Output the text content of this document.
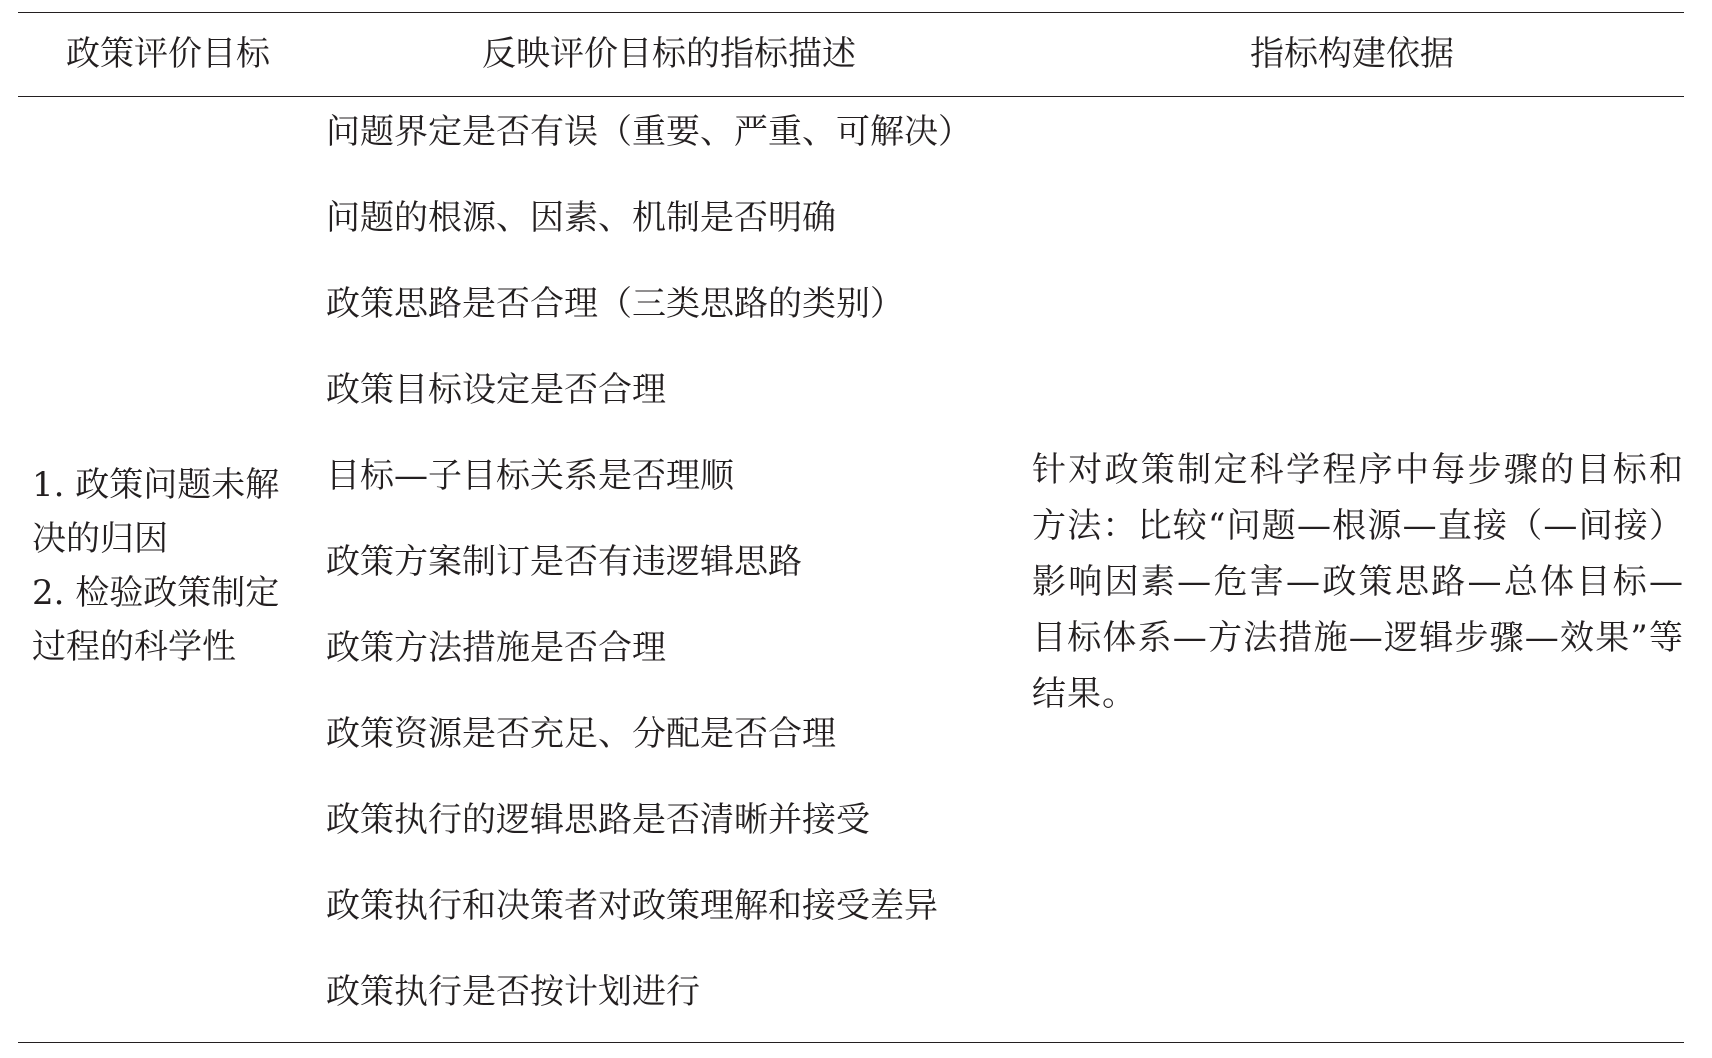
政策评价目标	反映评价目标的指标描述	指标构建依据
1. 政策问题未解
决的归因
2. 检验政策制定
过程的科学性
问题界定是否有误（重要、严重、可解决）
问题的根源、因素、机制是否明确
政策思路是否合理（三类思路的类别）
政策目标设定是否合理
目标—子目标关系是否理顺
政策方案制订是否有违逻辑思路
政策方法措施是否合理
政策资源是否充足、分配是否合理
政策执行的逻辑思路是否清晰并接受
政策执行和决策者对政策理解和接受差异
政策执行是否按计划进行
针对政策制定科学程序中每步骤的目标和方法：比较“问题—根源—直接（—间接）影响因素—危害—政策思路—总体目标—目标体系—方法措施—逻辑步骤—效果”等结果。
